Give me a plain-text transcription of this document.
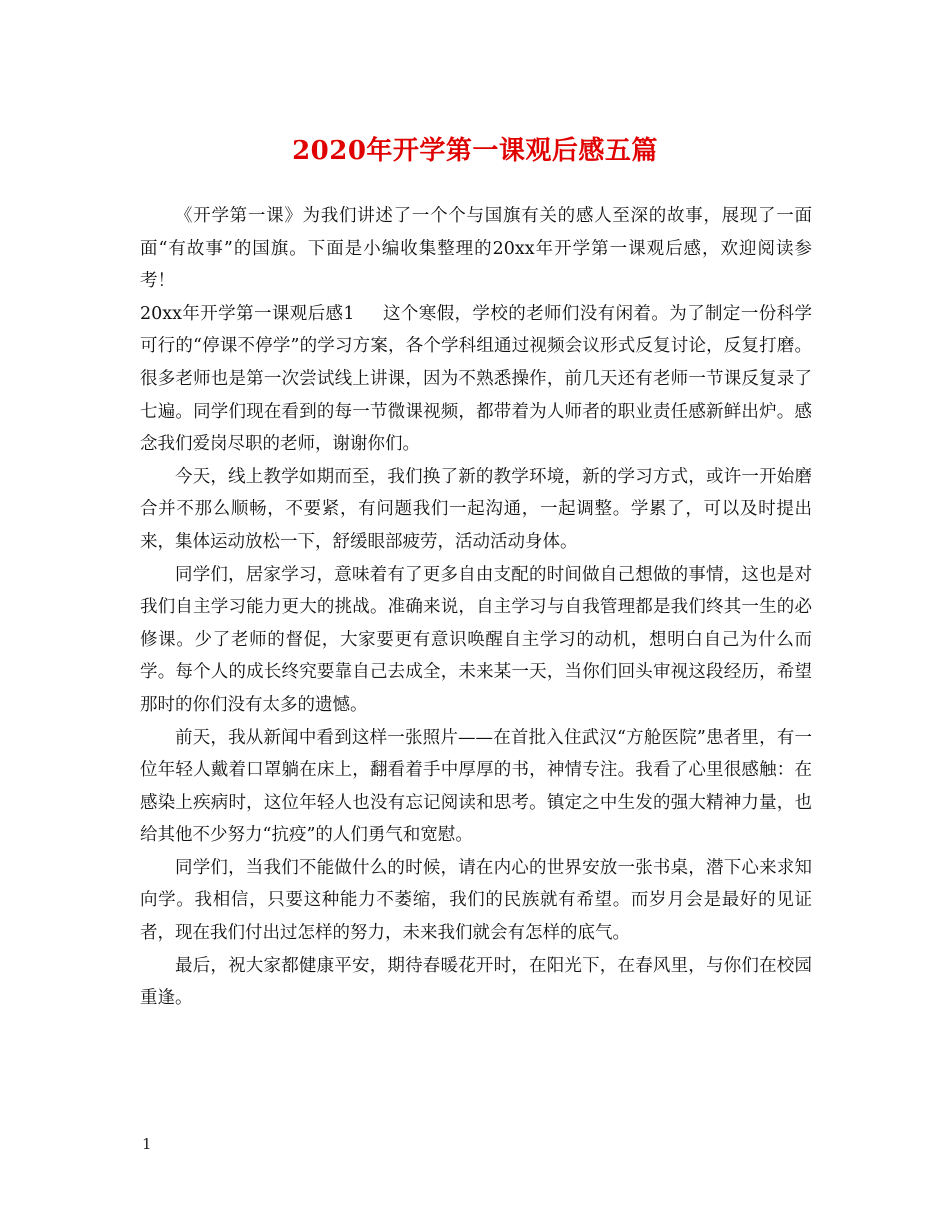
2020年开学第一课观后感五篇

《开学第一课》为我们讲述了一个个与国旗有关的感人至深的故事，展现了一面面“有故事”的国旗。下面是小编收集整理的20xx年开学第一课观后感，欢迎阅读参考！

20xx年开学第一课观后感1 这个寒假，学校的老师们没有闲着。为了制定一份科学可行的“停课不停学”的学习方案，各个学科组通过视频会议形式反复讨论，反复打磨。很多老师也是第一次尝试线上讲课，因为不熟悉操作，前几天还有老师一节课反复录了七遍。同学们现在看到的每一节微课视频，都带着为人师者的职业责任感新鲜出炉。感念我们爱岗尽职的老师，谢谢你们。

今天，线上教学如期而至，我们换了新的教学环境，新的学习方式，或许一开始磨合并不那么顺畅，不要紧，有问题我们一起沟通，一起调整。学累了，可以及时提出来，集体运动放松一下，舒缓眼部疲劳，活动活动身体。

同学们，居家学习，意味着有了更多自由支配的时间做自己想做的事情，这也是对我们自主学习能力更大的挑战。准确来说，自主学习与自我管理都是我们终其一生的必修课。少了老师的督促，大家要更有意识唤醒自主学习的动机，想明白自己为什么而学。每个人的成长终究要靠自己去成全，未来某一天，当你们回头审视这段经历，希望那时的你们没有太多的遗憾。

前天，我从新闻中看到这样一张照片——在首批入住武汉“方舱医院”患者里，有一位年轻人戴着口罩躺在床上，翻看着手中厚厚的书，神情专注。我看了心里很感触：在感染上疾病时，这位年轻人也没有忘记阅读和思考。镇定之中生发的强大精神力量，也给其他不少努力“抗疫”的人们勇气和宽慰。

同学们，当我们不能做什么的时候，请在内心的世界安放一张书桌，潜下心来求知向学。我相信，只要这种能力不萎缩，我们的民族就有希望。而岁月会是最好的见证者，现在我们付出过怎样的努力，未来我们就会有怎样的底气。

最后，祝大家都健康平安，期待春暖花开时，在阳光下，在春风里，与你们在校园重逢。

1
